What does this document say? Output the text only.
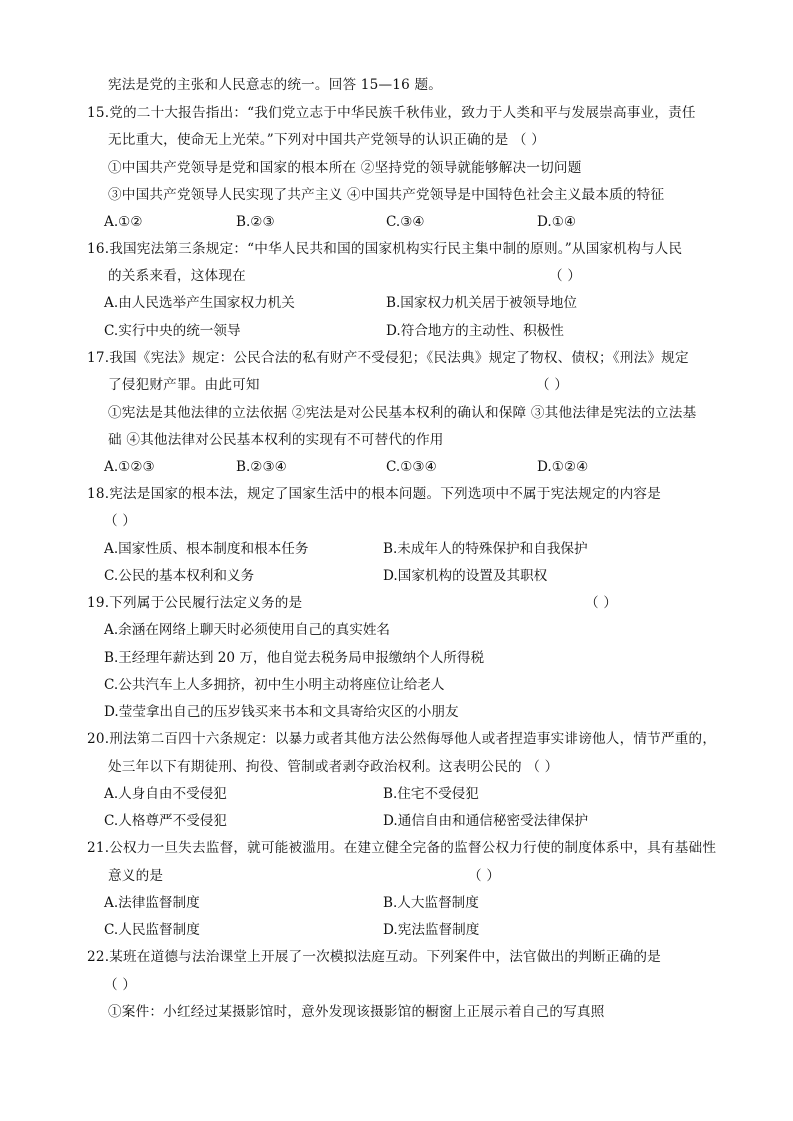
宪法是党的主张和人民意志的统一。回答 15—16 题。
15.党的二十大报告指出：“我们党立志于中华民族千秋伟业，致力于人类和平与发展崇高事业，责任
无比重大，使命无上光荣。”下列对中国共产党领导的认识正确的是 （ ）
①中国共产党领导是党和国家的根本所在 ②坚持党的领导就能够解决一切问题
③中国共产党领导人民实现了共产主义 ④中国共产党领导是中国特色社会主义最本质的特征
A.①②	B.②③	C.③④	D.①④
16.我国宪法第三条规定：“中华人民共和国的国家机构实行民主集中制的原则。”从国家机构与人民
的关系来看，这体现在	（ ）
A.由人民选举产生国家权力机关	B.国家权力机关居于被领导地位
C.实行中央的统一领导	D.符合地方的主动性、积极性
17.我国《宪法》规定：公民合法的私有财产不受侵犯；《民法典》规定了物权、债权；《刑法》规定
了侵犯财产罪。由此可知	（ ）
①宪法是其他法律的立法依据 ②宪法是对公民基本权利的确认和保障 ③其他法律是宪法的立法基
础 ④其他法律对公民基本权利的实现有不可替代的作用
A.①②③	B.②③④	C.①③④	D.①②④
18.宪法是国家的根本法，规定了国家生活中的根本问题。下列选项中不属于宪法规定的内容是
（ ）
A.国家性质、根本制度和根本任务	B.未成年人的特殊保护和自我保护
C.公民的基本权利和义务	D.国家机构的设置及其职权
19.下列属于公民履行法定义务的是	（ ）
A.余涵在网络上聊天时必须使用自己的真实姓名
B.王经理年薪达到 20 万，他自觉去税务局申报缴纳个人所得税
C.公共汽车上人多拥挤，初中生小明主动将座位让给老人
D.莹莹拿出自己的压岁钱买来书本和文具寄给灾区的小朋友
20.刑法第二百四十六条规定：以暴力或者其他方法公然侮辱他人或者捏造事实诽谤他人，情节严重的，
处三年以下有期徒刑、拘役、管制或者剥夺政治权利。这表明公民的 （ ）
A.人身自由不受侵犯	B.住宅不受侵犯
C.人格尊严不受侵犯	D.通信自由和通信秘密受法律保护
21.公权力一旦失去监督，就可能被滥用。在建立健全完备的监督公权力行使的制度体系中，具有基础性
意义的是	（ ）
A.法律监督制度	B.人大监督制度
C.人民监督制度	D.宪法监督制度
22.某班在道德与法治课堂上开展了一次模拟法庭互动。下列案件中，法官做出的判断正确的是
（ ）
①案件：小红经过某摄影馆时，意外发现该摄影馆的橱窗上正展示着自己的写真照
